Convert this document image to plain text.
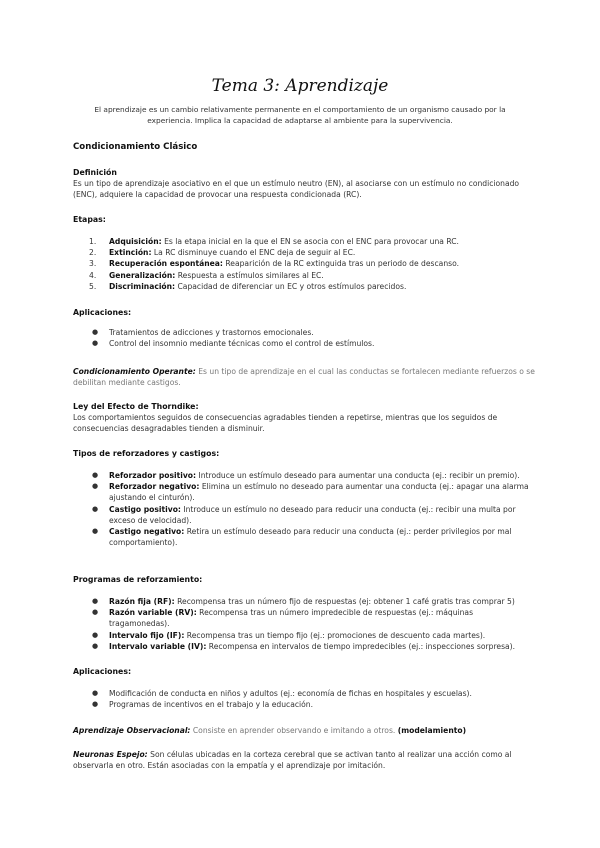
Tema 3: Aprendizaje
El aprendizaje es un cambio relativamente permanente en el comportamiento de un organismo causado por la experiencia. Implica la capacidad de adaptarse al ambiente para la supervivencia.
Condicionamiento Clásico
Definición
Es un tipo de aprendizaje asociativo en el que un estímulo neutro (EN), al asociarse con un estímulo no condicionado (ENC), adquiere la capacidad de provocar una respuesta condicionada (RC).
Etapas:
1. Adquisición: Es la etapa inicial en la que el EN se asocia con el ENC para provocar una RC.
2. Extinción: La RC disminuye cuando el ENC deja de seguir al EC.
3. Recuperación espontánea: Reaparición de la RC extinguida tras un periodo de descanso.
4. Generalización: Respuesta a estímulos similares al EC.
5. Discriminación: Capacidad de diferenciar un EC y otros estímulos parecidos.
Aplicaciones:
● Tratamientos de adicciones y trastornos emocionales.
● Control del insomnio mediante técnicas como el control de estímulos.
Condicionamiento Operante: Es un tipo de aprendizaje en el cual las conductas se fortalecen mediante refuerzos o se debilitan mediante castigos.
Ley del Efecto de Thorndike:
Los comportamientos seguidos de consecuencias agradables tienden a repetirse, mientras que los seguidos de consecuencias desagradables tienden a disminuir.
Tipos de reforzadores y castigos:
● Reforzador positivo: Introduce un estímulo deseado para aumentar una conducta (ej.: recibir un premio).
● Reforzador negativo: Elimina un estímulo no deseado para aumentar una conducta (ej.: apagar una alarma ajustando el cinturón).
● Castigo positivo: Introduce un estímulo no deseado para reducir una conducta (ej.: recibir una multa por exceso de velocidad).
● Castigo negativo: Retira un estímulo deseado para reducir una conducta (ej.: perder privilegios por mal comportamiento).
Programas de reforzamiento:
● Razón fija (RF): Recompensa tras un número fijo de respuestas (ej: obtener 1 café gratis tras comprar 5)
● Razón variable (RV): Recompensa tras un número impredecible de respuestas (ej.: máquinas tragamonedas).
● Intervalo fijo (IF): Recompensa tras un tiempo fijo (ej.: promociones de descuento cada martes).
● Intervalo variable (IV): Recompensa en intervalos de tiempo impredecibles (ej.: inspecciones sorpresa).
Aplicaciones:
● Modificación de conducta en niños y adultos (ej.: economía de fichas en hospitales y escuelas).
● Programas de incentivos en el trabajo y la educación.
Aprendizaje Observacional: Consiste en aprender observando e imitando a otros. (modelamiento)
Neuronas Espejo: Son células ubicadas en la corteza cerebral que se activan tanto al realizar una acción como al observarla en otro. Están asociadas con la empatía y el aprendizaje por imitación.
